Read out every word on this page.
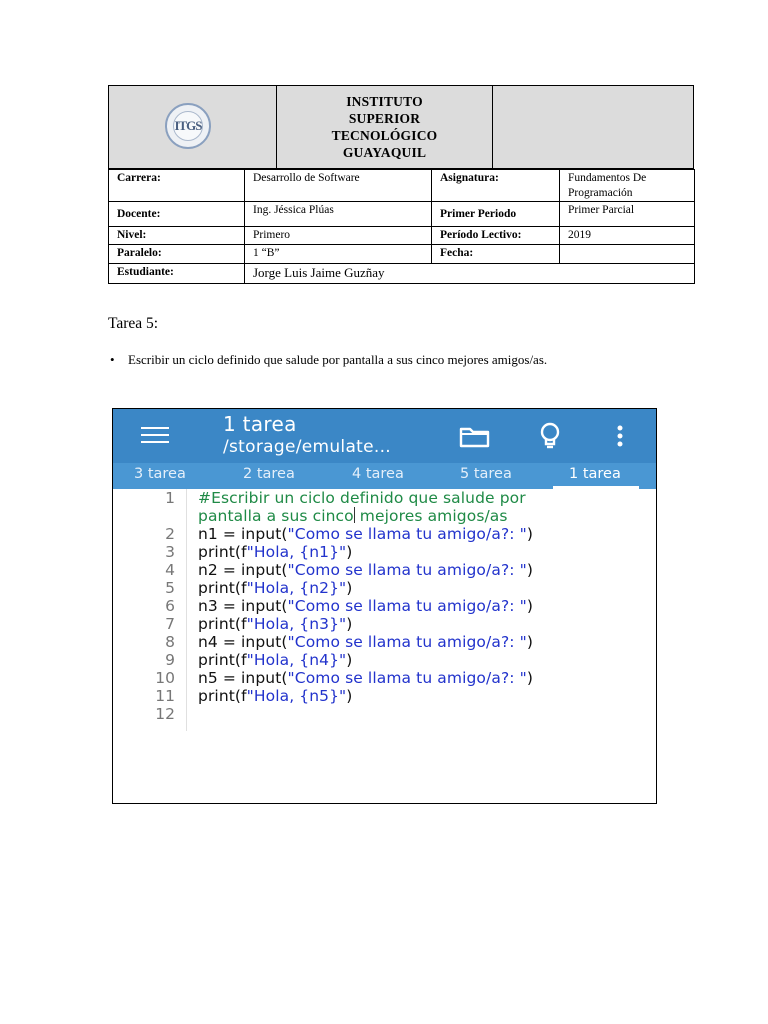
ITGS
INSTITUTO
SUPERIOR
TECNOLÓGICO
GUAYAQUIL
Carrera:	Desarrollo de Software	Asignatura:	Fundamentos De Programación
Docente:	Ing. Jéssica Plúas	Primer Periodo	Primer Parcial
Nivel:	Primero	Período Lectivo:	2019
Paralelo:	1 “B”	Fecha:	
Estudiante:	Jorge Luis Jaime Guzñay		
Tarea 5:
• Escribir un ciclo definido que salude por pantalla a sus cinco mejores amigos/as.
1 tarea
/storage/emulate...
3 tarea	2 tarea	4 tarea	5 tarea	1 tarea
1
2
3
4
5
6
7
8
9
10
11
12
#Escribir un ciclo definido que salude por
pantalla a sus cinco mejores amigos/as
n1 = input("Como se llama tu amigo/a?: ")
print(f"Hola, {n1}")
n2 = input("Como se llama tu amigo/a?: ")
print(f"Hola, {n2}")
n3 = input("Como se llama tu amigo/a?: ")
print(f"Hola, {n3}")
n4 = input("Como se llama tu amigo/a?: ")
print(f"Hola, {n4}")
n5 = input("Como se llama tu amigo/a?: ")
print(f"Hola, {n5}")
